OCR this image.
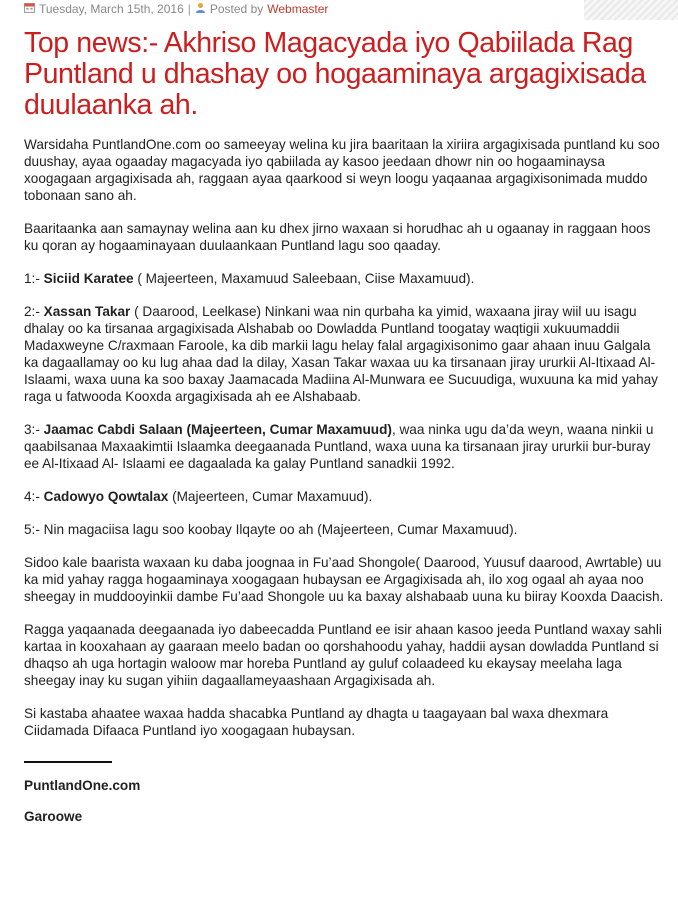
Tuesday, March 15th, 2016 | Posted by Webmaster
Top news:- Akhriso Magacyada iyo Qabiilada Rag Puntland u dhashay oo hogaaminaya argagixisada duulaanka ah.

Warsidaha PuntlandOne.com oo sameeyay welina ku jira baaritaan la xiriira argagixisada puntland ku soo duushay, ayaa ogaaday magacyada iyo qabiilada ay kasoo jeedaan dhowr nin oo hogaaminaysa xoogagaan argagixisada ah, raggaan ayaa qaarkood si weyn loogu yaqaanaa argagixisonimada muddo tobonaan sano ah.

Baaritaanka aan samaynay welina aan ku dhex jirno waxaan si horudhac ah u ogaanay in raggaan hoos ku qoran ay hogaaminayaan duulaankaan Puntland lagu soo qaaday.

1:- Siciid Karatee ( Majeerteen, Maxamuud Saleebaan, Ciise Maxamuud).

2:- Xassan Takar ( Daarood, Leelkase) Ninkani waa nin qurbaha ka yimid, waxaana jiray wiil uu isagu dhalay oo ka tirsanaa argagixisada Alshabab oo Dowladda Puntland toogatay waqtigii xukuumaddii Madaxweyne C/raxmaan Faroole, ka dib markii lagu helay falal argagixisonimo gaar ahaan inuu Galgala ka dagaallamay oo ku lug ahaa dad la dilay, Xasan Takar waxaa uu ka tirsanaan jiray ururkii Al-Itixaad Al-Islaami, waxa uuna ka soo baxay Jaamacada Madiina Al-Munwara ee Sucuudiga, wuxuuna ka mid yahay raga u fatwooda Kooxda argagixisada ah ee Alshabaab.

3:- Jaamac Cabdi Salaan (Majeerteen, Cumar Maxamuud), waa ninka ugu da’da weyn, waana ninkii u qaabilsanaa Maxaakimtii Islaamka deegaanada Puntland, waxa uuna ka tirsanaan jiray ururkii bur-buray ee Al-Itixaad Al- Islaami ee dagaalada ka galay Puntland sanadkii 1992.

4:- Cadowyo Qowtalax (Majeerteen, Cumar Maxamuud).

5:- Nin magaciisa lagu soo koobay Ilqayte oo ah (Majeerteen, Cumar Maxamuud).

Sidoo kale baarista waxaan ku daba joognaa in Fu’aad Shongole( Daarood, Yuusuf daarood, Awrtable) uu ka mid yahay ragga hogaaminaya xoogagaan hubaysan ee Argagixisada ah, ilo xog ogaal ah ayaa noo sheegay in muddooyinkii dambe Fu’aad Shongole uu ka baxay alshabaab uuna ku biiray Kooxda Daacish.

Ragga yaqaanada deegaanada iyo dabeecadda Puntland ee isir ahaan kasoo jeeda Puntland waxay sahli kartaa in kooxahaan ay gaaraan meelo badan oo qorshahoodu yahay, haddii aysan dowladda Puntland si dhaqso ah uga hortagin waloow mar horeba Puntland ay guluf colaadeed ku ekaysay meelaha laga sheegay inay ku sugan yihiin dagaallameyaashaan Argagixisada ah.

Si kastaba ahaatee waxaa hadda shacabka Puntland ay dhagta u taagayaan bal waxa dhexmara Ciidamada Difaaca Puntland iyo xoogagaan hubaysan.

PuntlandOne.com
Garoowe
